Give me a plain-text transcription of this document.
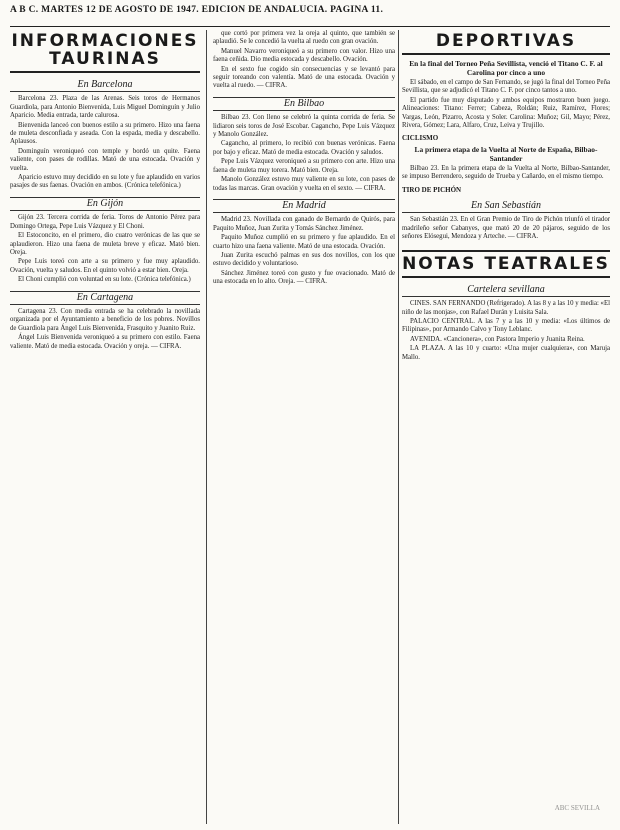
A B C. MARTES 12 DE AGOSTO DE 1947. EDICION DE ANDALUCIA. PAGINA 11.
INFORMACIONES
TAURINAS
En Barcelona

Barcelona 23. Plaza de las Arenas. Seis toros de Hermanos Guardiola, para Antonio Bienvenida, Luis Miguel Dominguín y Julio Aparicio. Media entrada, tarde calurosa.

Bienvenida lanceó con buenos estilo a su primero. Hizo una faena de muleta desconfiada y aseada. Con la espada, media y descabello. Aplausos.

Dominguín veroniqueó con temple y bordó un quite. Faena valiente, con pases de rodillas. Mató de una estocada. Ovación y vuelta.

Aparicio estuvo muy decidido en su lote y fue aplaudido en varios pasajes de sus faenas. Ovación en ambos. (Crónica telefónica.)

En Gijón

Gijón 23. Tercera corrida de feria. Toros de Antonio Pérez para Domingo Ortega, Pepe Luis Vázquez y El Choni.

El Estoconcito, en el primero, dio cuatro verónicas de las que se aplaudieron. Hizo una faena de muleta breve y eficaz. Mató bien. Oreja.

Pepe Luis toreó con arte a su primero y fue muy aplaudido. Ovación, vuelta y saludos. En el quinto volvió a estar bien. Oreja.

El Choni cumplió con voluntad en su lote. (Crónica telefónica.)

En Cartagena

Cartagena 23. Con media entrada se ha celebrado la novillada organizada por el Ayuntamiento a beneficio de los pobres. Novillos de Guardiola para Ángel Luis Bienvenida, Frasquito y Juanito Ruiz.

Ángel Luis Bienvenida veroniqueó a su primero con estilo. Faena valiente. Mató de media estocada. Ovación y oreja. — CIFRA.

que cortó por primera vez la oreja al quinto, que también se aplaudió. Se le concedió la vuelta al ruedo con gran ovación.

Manuel Navarro veroniqueó a su primero con valor. Hizo una faena ceñida. Dio media estocada y descabello. Ovación.

En el sexto fue cogido sin consecuencias y se levantó para seguir toreando con valentía. Mató de una estocada. Ovación y vuelta al ruedo. — CIFRA.

En Bilbao

Bilbao 23. Con lleno se celebró la quinta corrida de feria. Se lidiaron seis toros de José Escobar. Cagancho, Pepe Luis Vázquez y Manolo González.

Cagancho, al primero, lo recibió con buenas verónicas. Faena por bajo y eficaz. Mató de media estocada. Ovación y saludos.

Pepe Luis Vázquez veroniqueó a su primero con arte. Hizo una faena de muleta muy torera. Mató bien. Oreja.

Manolo González estuvo muy valiente en su lote, con pases de todas las marcas. Gran ovación y vuelta en el sexto. — CIFRA.

En Madrid

Madrid 23. Novillada con ganado de Bernardo de Quirós, para Paquito Muñoz, Juan Zurita y Tomás Sánchez Jiménez.

Paquito Muñoz cumplió en su primero y fue aplaudido. En el cuarto hizo una faena valiente. Mató de una estocada. Ovación.

Juan Zurita escuchó palmas en sus dos novillos, con los que estuvo decidido y voluntarioso.

Sánchez Jiménez toreó con gusto y fue ovacionado. Mató de una estocada en lo alto. Oreja. — CIFRA.

DEPORTIVAS
En la final del Torneo Peña Sevillista, venció el Titano C. F. al Carolina por cinco a uno

El sábado, en el campo de San Fernando, se jugó la final del Torneo Peña Sevillista, que se adjudicó el Titano C. F. por cinco tantos a uno.

El partido fue muy disputado y ambos equipos mostraron buen juego. Alineaciones: Titano: Ferrer; Cabeza, Roldán; Ruiz, Ramírez, Flores; Vargas, León, Pizarro, Acosta y Soler. Carolina: Muñoz; Gil, Mayo; Pérez, Rivera, Gómez; Lara, Alfaro, Cruz, Leiva y Trujillo.

CICLISMO
La primera etapa de la Vuelta al Norte de España, Bilbao-Santander

Bilbao 23. En la primera etapa de la Vuelta al Norte, Bilbao-Santander, se impuso Berrendero, seguido de Trueba y Cañardo, en el mismo tiempo.

TIRO DE PICHÓN
En San Sebastián

San Sebastián 23. En el Gran Premio de Tiro de Pichón triunfó el tirador madrileño señor Cabanyes, que mató 20 de 20 pájaros, seguido de los señores Elósegui, Mendoza y Arteche. — CIFRA.

NOTAS TEATRALES
Cartelera sevillana

CINES. SAN FERNANDO (Refrigerado). A las 8 y a las 10 y media: «El niño de las monjas», con Rafael Durán y Luisita Sala.

PALACIO CENTRAL. A las 7 y a las 10 y media: «Los últimos de Filipinas», por Armando Calvo y Tony Leblanc.

AVENIDA. «Cancionera», con Pastora Imperio y Juanita Reina.

LA PLAZA. A las 10 y cuarto: «Una mujer cualquiera», con Maruja Mallo.

ABC SEVILLA
